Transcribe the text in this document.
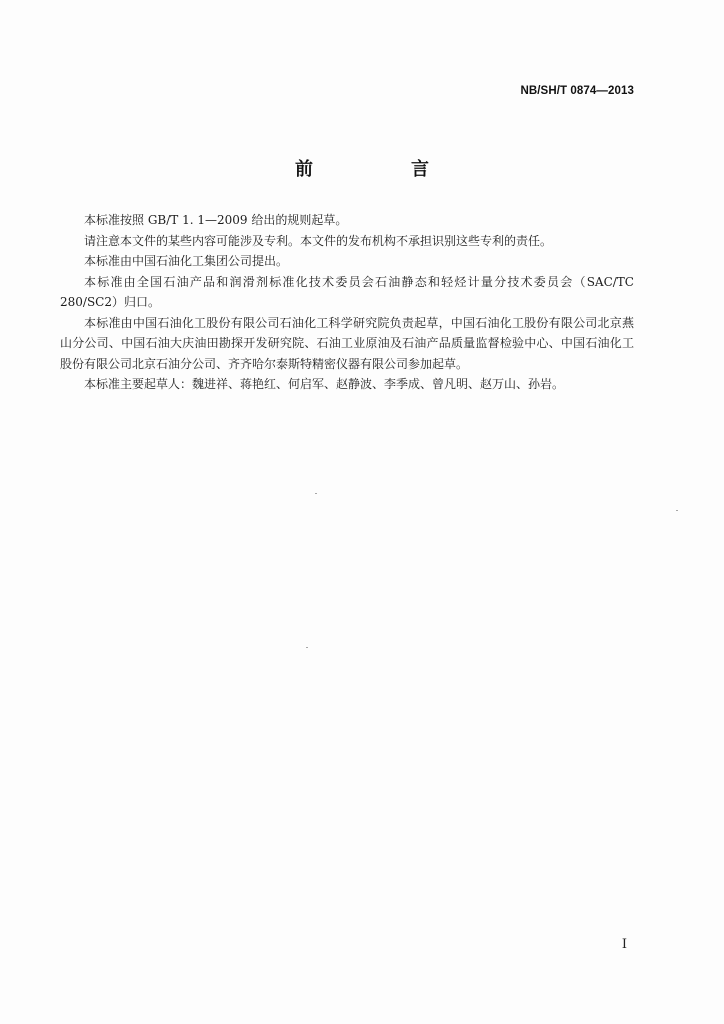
NB/SH/T 0874—2013
前　言

本标准按照 GB/T 1. 1—2009 给出的规则起草。

请注意本文件的某些内容可能涉及专利。本文件的发布机构不承担识别这些专利的责任。

本标准由中国石油化工集团公司提出。

本标准由全国石油产品和润滑剂标准化技术委员会石油静态和轻烃计量分技术委员会（SAC/TC 280/SC2）归口。

本标准由中国石油化工股份有限公司石油化工科学研究院负责起草，中国石油化工股份有限公司北京燕山分公司、中国石油大庆油田勘探开发研究院、石油工业原油及石油产品质量监督检验中心、中国石油化工股份有限公司北京石油分公司、齐齐哈尔泰斯特精密仪器有限公司参加起草。

本标准主要起草人：魏进祥、蒋艳红、何启军、赵静波、李季成、曾凡明、赵万山、孙岩。

I
